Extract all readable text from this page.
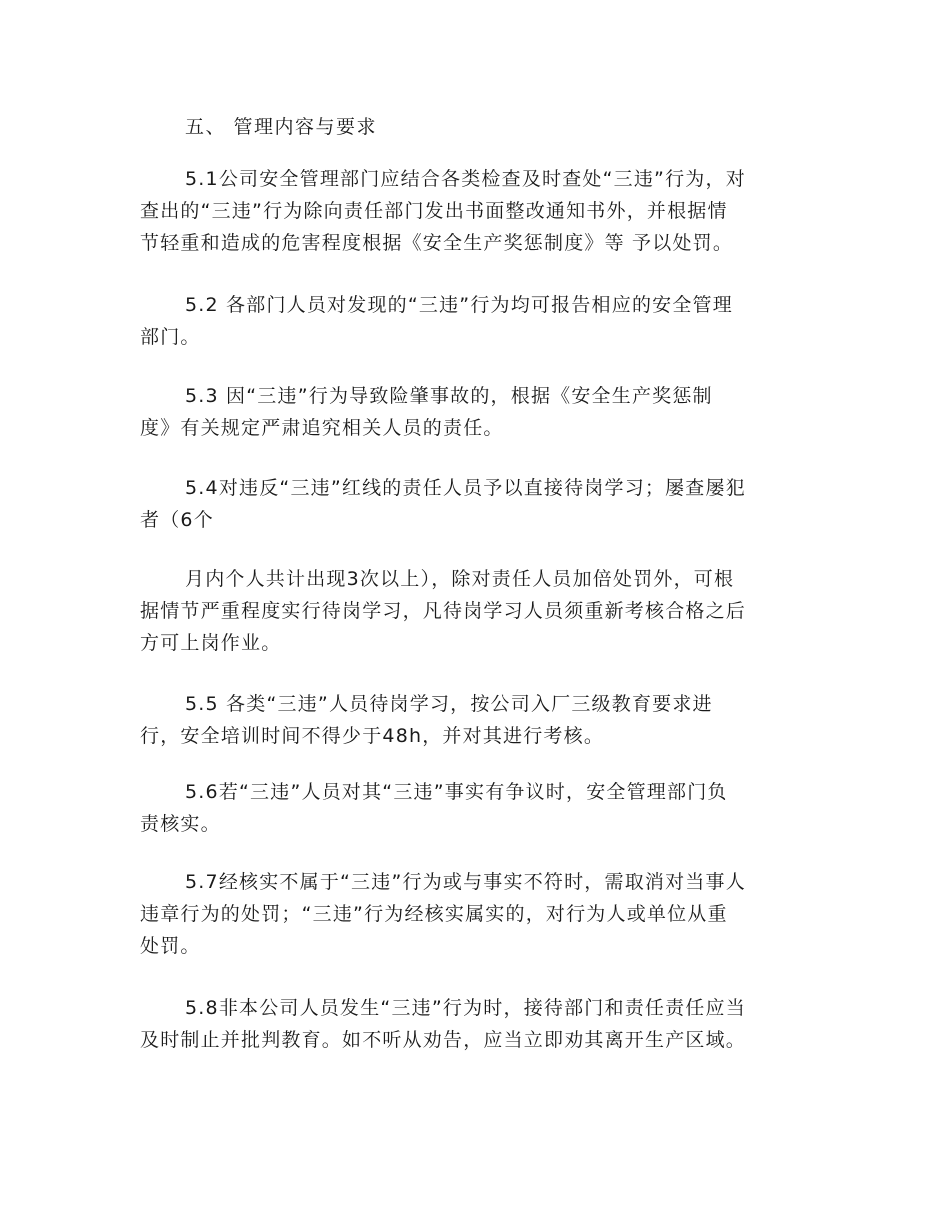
五、 管理内容与要求

5.1公司安全管理部门应结合各类检查及时查处“三违”行为，对
查出的“三违”行为除向责任部门发出书面整改通知书外，并根据情
节轻重和造成的危害程度根据《安全生产奖惩制度》等 予以处罚。

5.2 各部门人员对发现的“三违”行为均可报告相应的安全管理
部门。

5.3 因“三违”行为导致险肇事故的，根据《安全生产奖惩制
度》有关规定严肃追究相关人员的责任。

5.4对违反“三违”红线的责任人员予以直接待岗学习；屡查屡犯
者（6个

月内个人共计出现3次以上），除对责任人员加倍处罚外，可根
据情节严重程度实行待岗学习，凡待岗学习人员须重新考核合格之后
方可上岗作业。

5.5 各类“三违”人员待岗学习，按公司入厂三级教育要求进
行，安全培训时间不得少于48h，并对其进行考核。

5.6若“三违”人员对其“三违”事实有争议时，安全管理部门负
责核实。

5.7经核实不属于“三违”行为或与事实不符时，需取消对当事人
违章行为的处罚；“三违”行为经核实属实的，对行为人或单位从重
处罚。

5.8非本公司人员发生“三违”行为时，接待部门和责任责任应当
及时制止并批判教育。如不听从劝告，应当立即劝其离开生产区域。
